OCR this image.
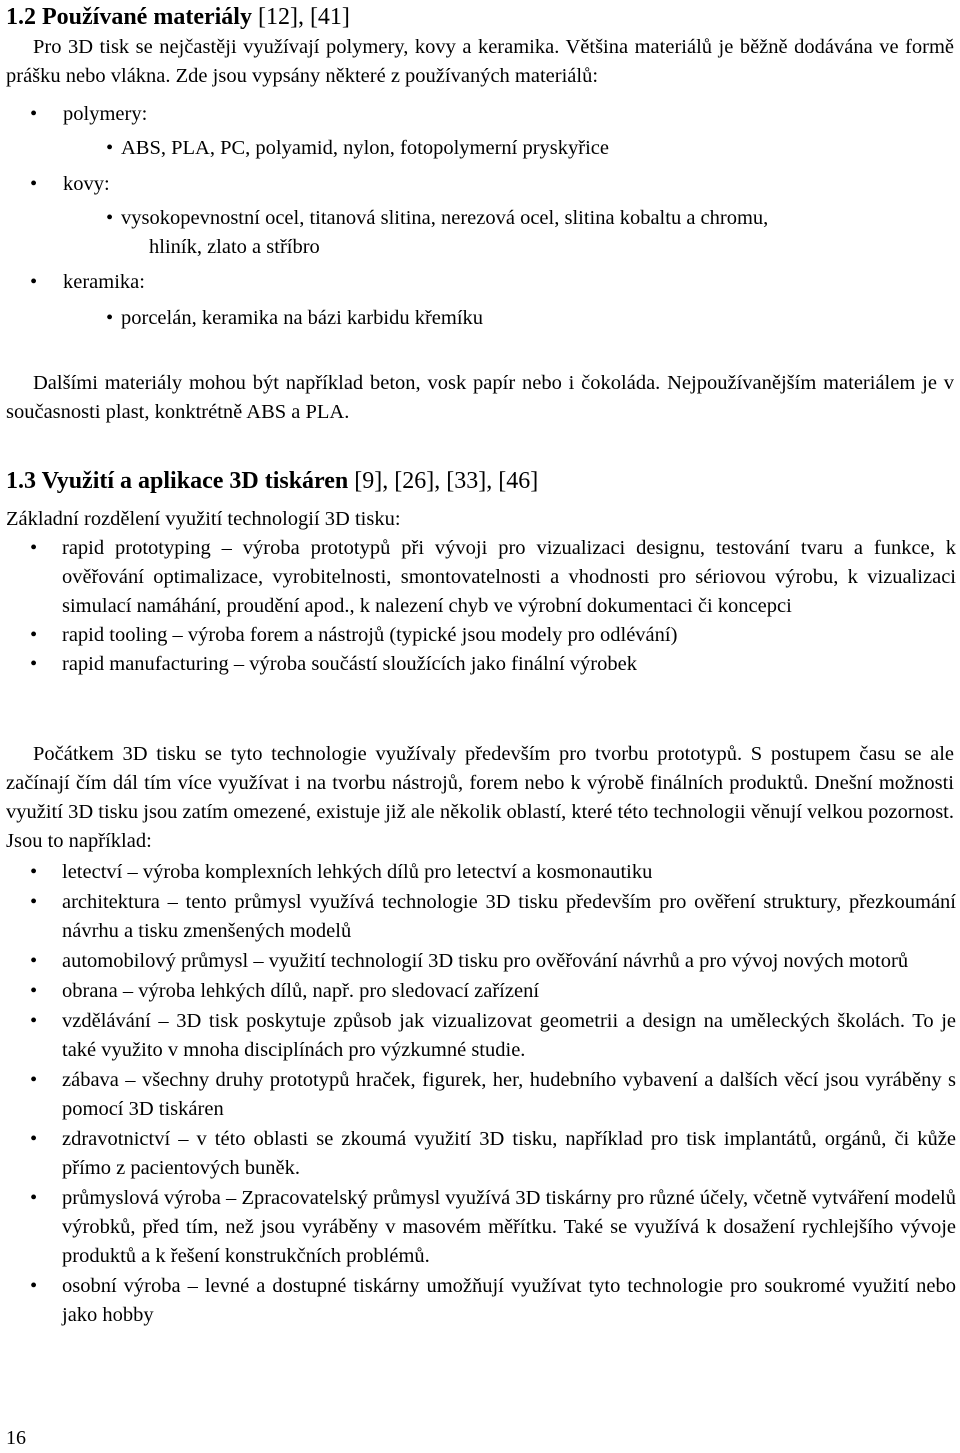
1.2 Používané materiály [12], [41]

Pro 3D tisk se nejčastěji využívají polymery, kovy a keramika. Většina materiálů je běžně dodávána ve formě prášku nebo vlákna. Zde jsou vypsány některé z používaných materiálů:

• polymery:
• ABS, PLA, PC, polyamid, nylon, fotopolymerní pryskyřice
• kovy:
• vysokopevnostní ocel, titanová slitina, nerezová ocel, slitina kobaltu a chromu,
hliník, zlato a stříbro
• keramika:
• porcelán, keramika na bázi karbidu křemíku

Dalšími materiály mohou být například beton, vosk papír nebo i čokoláda. Nejpoužívanějším materiálem je v současnosti plast, konktrétně ABS a PLA.

1.3 Využití a aplikace 3D tiskáren [9], [26], [33], [46]

Základní rozdělení využití technologií 3D tisku:

• rapid prototyping – výroba prototypů při vývoji pro vizualizaci designu, testování tvaru a funkce, k ověřování optimalizace, vyrobitelnosti, smontovatelnosti a vhodnosti pro sériovou výrobu, k vizualizaci simulací namáhání, proudění apod., k nalezení chyb ve výrobní dokumentaci či koncepci
• rapid tooling – výroba forem a nástrojů (typické jsou modely pro odlévání)
• rapid manufacturing – výroba součástí sloužících jako finální výrobek

Počátkem 3D tisku se tyto technologie využívaly především pro tvorbu prototypů. S postupem času se ale začínají čím dál tím více využívat i na tvorbu nástrojů, forem nebo k výrobě finálních produktů. Dnešní možnosti využití 3D tisku jsou zatím omezené, existuje již ale několik oblastí, které této technologii věnují velkou pozornost. Jsou to například:

• letectví – výroba komplexních lehkých dílů pro letectví a kosmonautiku
• architektura – tento průmysl využívá technologie 3D tisku především pro ověření struktury, přezkoumání návrhu a tisku zmenšených modelů
• automobilový průmysl – využití technologií 3D tisku pro ověřování návrhů a pro vývoj nových motorů
• obrana – výroba lehkých dílů, např. pro sledovací zařízení
• vzdělávání – 3D tisk poskytuje způsob jak vizualizovat geometrii a design na uměleckých školách. To je také využito v mnoha disciplínách pro výzkumné studie.
• zábava – všechny druhy prototypů hraček, figurek, her, hudebního vybavení a dalších věcí jsou vyráběny s pomocí 3D tiskáren
• zdravotnictví – v této oblasti se zkoumá využití 3D tisku, například pro tisk implantátů, orgánů, či kůže přímo z pacientových buněk.
• průmyslová výroba – Zpracovatelský průmysl využívá 3D tiskárny pro různé účely, včetně vytváření modelů výrobků, před tím, než jsou vyráběny v masovém měřítku. Také se využívá k dosažení rychlejšího vývoje produktů a k řešení konstrukčních problémů.
• osobní výroba – levné a dostupné tiskárny umožňují využívat tyto technologie pro soukromé využití nebo jako hobby
16
